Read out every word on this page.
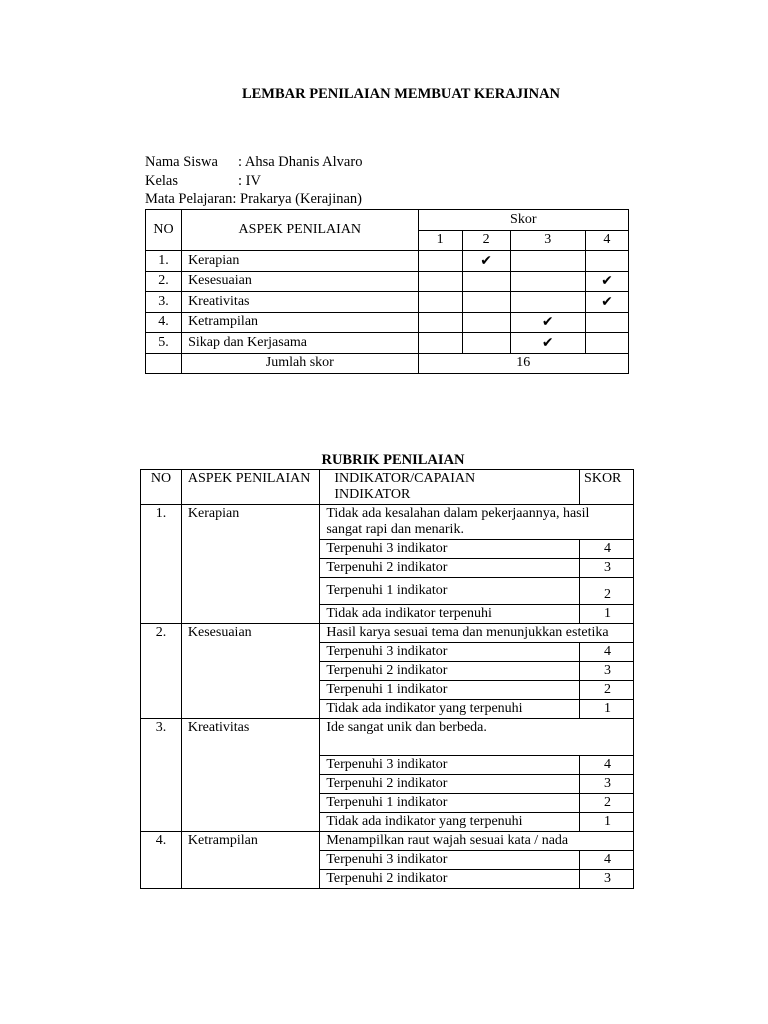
LEMBAR PENILAIAN MEMBUAT KERAJINAN
Nama Siswa : Ahsa Dhanis Alvaro
Kelas	: IV
Mata Pelajaran: Prakarya (Kerajinan)
NO	ASPEK PENILAIAN	Skor			
		1	2	3	4
1.	Kerapian		✔		
2.	Kesesuaian				✔
3.	Kreativitas				✔
4.	Ketrampilan			✔	
5.	Sikap dan Kerjasama			✔	
	Jumlah skor	16			
RUBRIK PENILAIAN
NO	ASPEK PENILAIAN	INDIKATOR/CAPAIAN INDIKATOR	SKOR
1.	Kerapian	Tidak ada kesalahan dalam pekerjaannya, hasil sangat rapi dan menarik.	
		Terpenuhi 3 indikator	4
		Terpenuhi 2 indikator	3
		Terpenuhi 1 indikator	2
		Tidak ada indikator terpenuhi	1
2.	Kesesuaian	Hasil karya sesuai tema dan menunjukkan estetika	
		Terpenuhi 3 indikator	4
		Terpenuhi 2 indikator	3
		Terpenuhi 1 indikator	2
		Tidak ada indikator yang terpenuhi	1
3.	Kreativitas	Ide sangat unik dan berbeda.	
		Terpenuhi 3 indikator	4
		Terpenuhi 2 indikator	3
		Terpenuhi 1 indikator	2
		Tidak ada indikator yang terpenuhi	1
4.	Ketrampilan	Menampilkan raut wajah sesuai kata / nada	
		Terpenuhi 3 indikator	4
		Terpenuhi 2 indikator	3
